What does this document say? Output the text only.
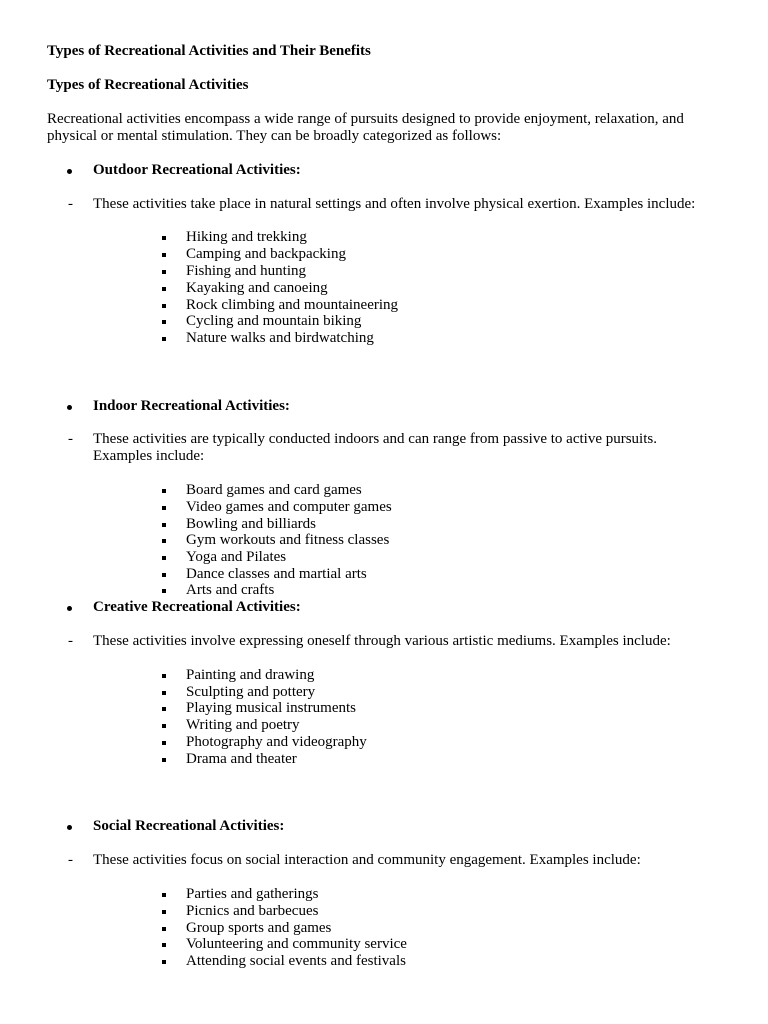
Types of Recreational Activities and Their Benefits
Types of Recreational Activities
Recreational activities encompass a wide range of pursuits designed to provide enjoyment, relaxation, and physical or mental stimulation. They can be broadly categorized as follows:
Outdoor Recreational Activities:
- These activities take place in natural settings and often involve physical exertion. Examples include:
Hiking and trekking
Camping and backpacking
Fishing and hunting
Kayaking and canoeing
Rock climbing and mountaineering
Cycling and mountain biking
Nature walks and birdwatching
Indoor Recreational Activities:
- These activities are typically conducted indoors and can range from passive to active pursuits. Examples include:
Board games and card games
Video games and computer games
Bowling and billiards
Gym workouts and fitness classes
Yoga and Pilates
Dance classes and martial arts
Arts and crafts
Creative Recreational Activities:
- These activities involve expressing oneself through various artistic mediums. Examples include:
Painting and drawing
Sculpting and pottery
Playing musical instruments
Writing and poetry
Photography and videography
Drama and theater
Social Recreational Activities:
- These activities focus on social interaction and community engagement. Examples include:
Parties and gatherings
Picnics and barbecues
Group sports and games
Volunteering and community service
Attending social events and festivals
